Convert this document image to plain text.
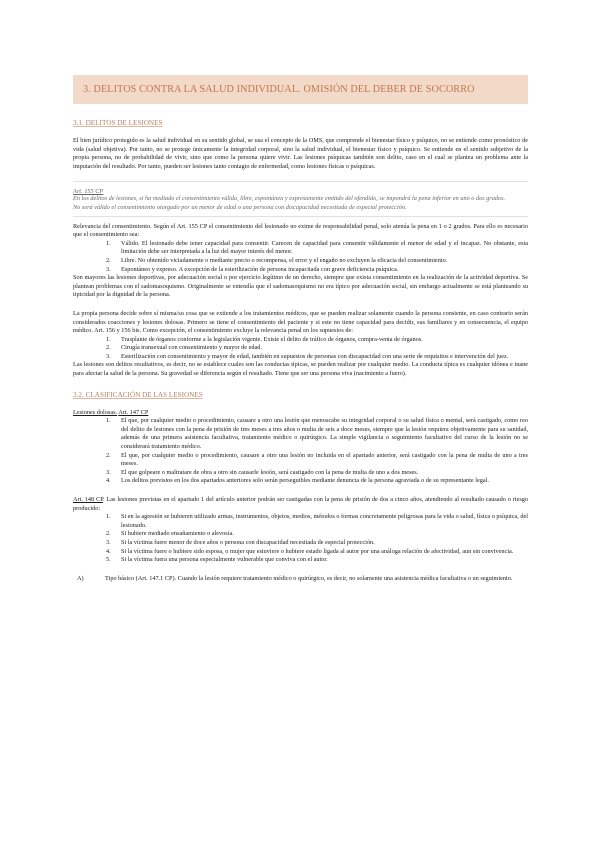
3. DELITOS CONTRA LA SALUD INDIVIDUAL. OMISIÓN DEL DEBER DE SOCORRO
3.1. DELITOS DE LESIONES

El bien jurídico protegido es la salud individual en su sentido global, se usa el concepto de la OMS, que comprende el bienestar físico y psíquico, no se entiende como pronóstico de vida (salud objetiva). Por tanto, no se protege únicamente la integridad corporal, sino la salud individual, el bienestar físico y psíquico. Se entiende en el sentido subjetivo de la propia persona, no de probabilidad de vivir, sino que como la persona quiere vivir. Las lesiones psíquicas también son delito, caso en el cual se plantea un problema ante la imputación del resultado. Por tanto, pueden ser lesiones tanto contagio de enfermedad, como lesiones físicas o psíquicas.

Art. 155 CP

En los delitos de lesiones, si ha mediado el consentimiento válida, libre, espontánea y expresamente emitido del ofendido, se impondrá la pena inferior en uno o dos grados.

No será válido el consentimiento otorgado por un menor de edad o una persona con discapacidad necesitada de especial protección.

Relevancia del consentimiento. Según el Art. 155 CP el consentimiento del lesionado no exime de responsabilidad penal, solo atenúa la pena en 1 o 2 grados. Para ello es necesario que el consentimiento sea:

1. Válido. El lesionado debe tener capacidad para consentir. Carecen de capacidad para consentir válidamente el menor de edad y el incapaz. No obstante, esta limitación debe ser interpretada a la luz del mayor interés del menor.
2. Libre. No obtenido viciadamente o mediante precio o recompensa, el error y el engaño no excluyen la eficacia del consentimiento.
3. Espontáneo y expreso. A excepción de la esterilización de persona incapacitada con grave deficiencia psíquica.

Son mayores las lesiones deportivas, por adecuación social o por ejercicio legítimo de un derecho, siempre que exista consentimiento en la realización de la actividad deportiva. Se plantean problemas con el sadomasoquismo. Originalmente se entendía que el sadomasoquismo no era típico por adecuación social, sin embargo actualmente se está planteando su tipicidad por la dignidad de la persona.

La propia persona decide sobre sí misma/su cosa que se extiende a los tratamientos médicos, que se pueden realizar solamente cuando la persona consiente, en caso contrario serán considerados coacciones y lesiones dolosas. Primero se tiene el consentimiento del paciente y si este no tiene capacidad para decidir, sus familiares y en consecuencia, el equipo médico. Art. 156 y 156 bis. Como excepción, el consentimiento excluye la relevancia penal en los supuestos de:

1. Trasplante de órganos conforme a la legislación vigente. Existe el delito de tráfico de órganos, compra-venta de órganos.
2. Cirugía transexual con consentimiento y mayor de edad.
3. Esterilización con consentimiento y mayor de edad, también en supuestos de personas con discapacidad con una serie de requisitos e intervención del juez.

Las lesiones son delitos resultativos, es decir, no se establece cuales son las conductas típicas, se pueden realizar por cualquier medio. La conducta típica es cualquier idónea e inane para afectar la salud de la persona. Su gravedad se diferencia según el resultado. Tiene que ser una persona viva (nacimiento a fuero).

3.2. CLASIFICACIÓN DE LAS LESIONES

Lesiones dolosas. Art. 147 CP

1. El que, por cualquier medio o procedimiento, causare a otro una lesión que menoscabe su integridad corporal o su salud física o mental, será castigado, como reo del delito de lesiones con la pena de prisión de tres meses a tres años o multa de seis a doce meses, siempre que la lesión requiera objetivamente para su sanidad, además de una primera asistencia facultativa, tratamiento médico o quirúrgico. La simple vigilancia o seguimiento facultativo del curso de la lesión no se considerará tratamiento médico.
2. El que, por cualquier medio o procedimiento, causare a otro una lesión no incluida en el apartado anterior, será castigado con la pena de multa de uno a tres meses.
3. El que golpeare o maltratare de obra a otro sin causarle lesión, será castigado con la pena de multa de uno a dos meses.
4. Los delitos previstos en los dos apartados anteriores solo serán perseguibles mediante denuncia de la persona agraviada o de su representante legal.

Art. 148 CP. Las lesiones previstas en el apartado 1 del artículo anterior podrán ser castigadas con la pena de prisión de dos a cinco años, atendiendo al resultado causado o riesgo producido:

1. Si en la agresión se hubieren utilizado armas, instrumentos, objetos, medios, métodos o formas concretamente peligrosas para la vida o salud, física o psíquica, del lesionado.
2. Si hubiere mediado ensañamiento o alevosía.
3. Si la víctima fuere menor de doce años o persona con discapacidad necesitada de especial protección.
4. Si la víctima fuere o hubiere sido esposa, o mujer que estuviere o hubiere estado ligada al autor por una análoga relación de afectividad, aun sin convivencia.
5. Si la víctima fuera una persona especialmente vulnerable que conviva con el autor.
A)	Tipo básico (Art. 147.1 CP). Cuando la lesión requiere tratamiento médico o quirúrgico, es decir, no solamente una asistencia médica facultativa o un seguimiento.
